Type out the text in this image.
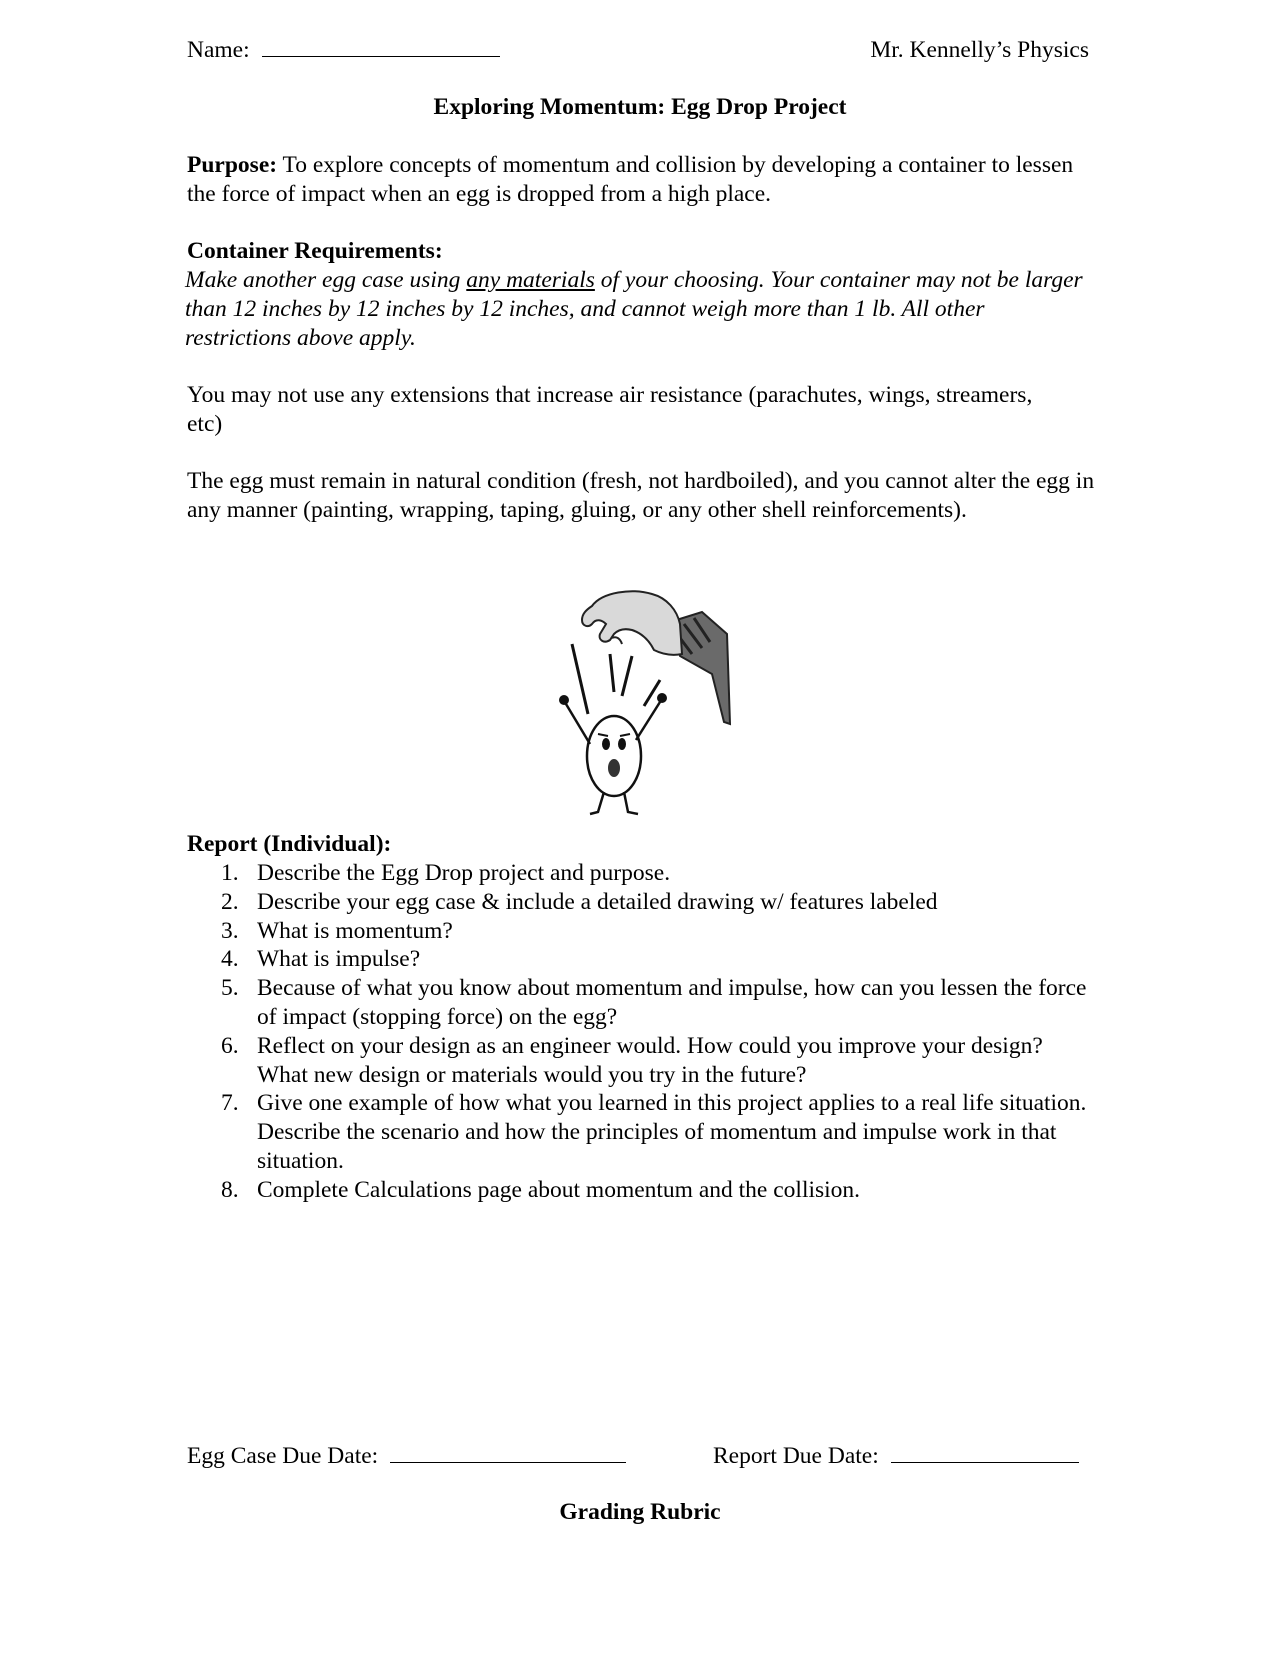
Name:	Mr. Kennelly’s Physics
Exploring Momentum: Egg Drop Project
Purpose: To explore concepts of momentum and collision by developing a container to lessen the force of impact when an egg is dropped from a high place.
Container Requirements:
Make another egg case using any materials of your choosing. Your container may not be larger than 12 inches by 12 inches by 12 inches, and cannot weigh more than 1 lb. All other restrictions above apply.
You may not use any extensions that increase air resistance (parachutes, wings, streamers, etc)
The egg must remain in natural condition (fresh, not hardboiled), and you cannot alter the egg in any manner (painting, wrapping, taping, gluing, or any other shell reinforcements).
Report (Individual):
1. Describe the Egg Drop project and purpose.
2. Describe your egg case & include a detailed drawing w/ features labeled
3. What is momentum?
4. What is impulse?
5. Because of what you know about momentum and impulse, how can you lessen the force of impact (stopping force) on the egg?
6. Reflect on your design as an engineer would. How could you improve your design? What new design or materials would you try in the future?
7. Give one example of how what you learned in this project applies to a real life situation. Describe the scenario and how the principles of momentum and impulse work in that situation.
8. Complete Calculations page about momentum and the collision.
Egg Case Due Date:	Report Due Date:
Grading Rubric
